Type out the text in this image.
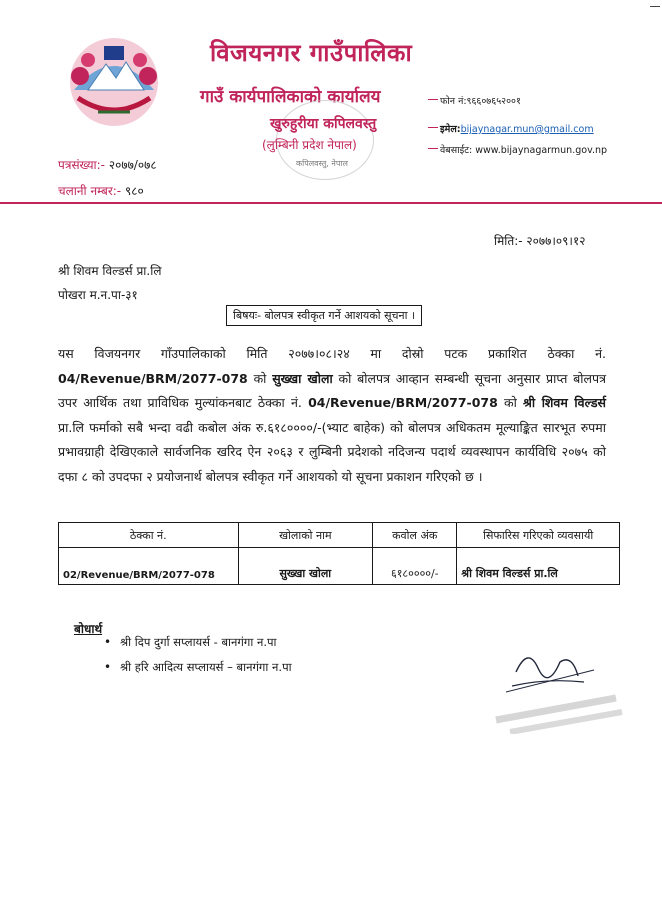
विजयनगर गाउँपालिका
गाउँ कार्यपालिकाको कार्यालय
खुरुहुरीया कपिलवस्तु
(लुम्बिनी प्रदेश नेपाल)
कपिलवस्तु, नेपाल
फोन नं:९६६०७६५२००१
इमेल:bijaynagar.mun@gmail.com
वेबसाईट: www.bijaynagarmun.gov.np
पत्रसंख्या:- २०७७/०७८
चलानी नम्बर:- ९८०
मिति:- २०७७।०९।१२
श्री शिवम विल्डर्स प्रा.लि
पोखरा म.न.पा-३१
बिषयः- बोलपत्र स्वीकृत गर्ने आशयको सूचना ।
यस विजयनगर गाँउपालिकाको मिति २०७७।०८।२४ मा दोस्रो पटक प्रकाशित ठेक्का नं. 04/Revenue/BRM/2077-078 को सुख्खा खोला को बोलपत्र आव्हान सम्बन्धी सूचना अनुसार प्राप्त बोलपत्र उपर आर्थिक तथा प्राविधिक मुल्यांकनबाट ठेक्का नं. 04/Revenue/BRM/2077-078 को श्री शिवम विल्डर्स प्रा.लि फर्माको सबै भन्दा वढी कबोल अंक रु.६१८००००/-(भ्याट बाहेक) को बोलपत्र अधिकतम मूल्याङ्कित सारभूत रुपमा प्रभावग्राही देखिएकाले सार्वजनिक खरिद ऐन २०६३ र लुम्बिनी प्रदेशको नदिजन्य पदार्थ व्यवस्थापन कार्यविधि २०७५ को दफा ८ को उपदफा २ प्रयोजनार्थ बोलपत्र स्वीकृत गर्ने आशयको यो सूचना प्रकाशन गरिएको छ ।
ठेक्का नं.	खोलाको नाम	कवोल अंक	सिफारिस गरिएको व्यवसायी
02/Revenue/BRM/2077-078	सुख्खा खोला	६१८००००/-	श्री शिवम विल्डर्स प्रा.लि
बोधार्थ
• श्री दिप दुर्गा सप्लायर्स - बानगंगा न.पा
• श्री हरि आदित्य सप्लायर्स – बानगंगा न.पा
